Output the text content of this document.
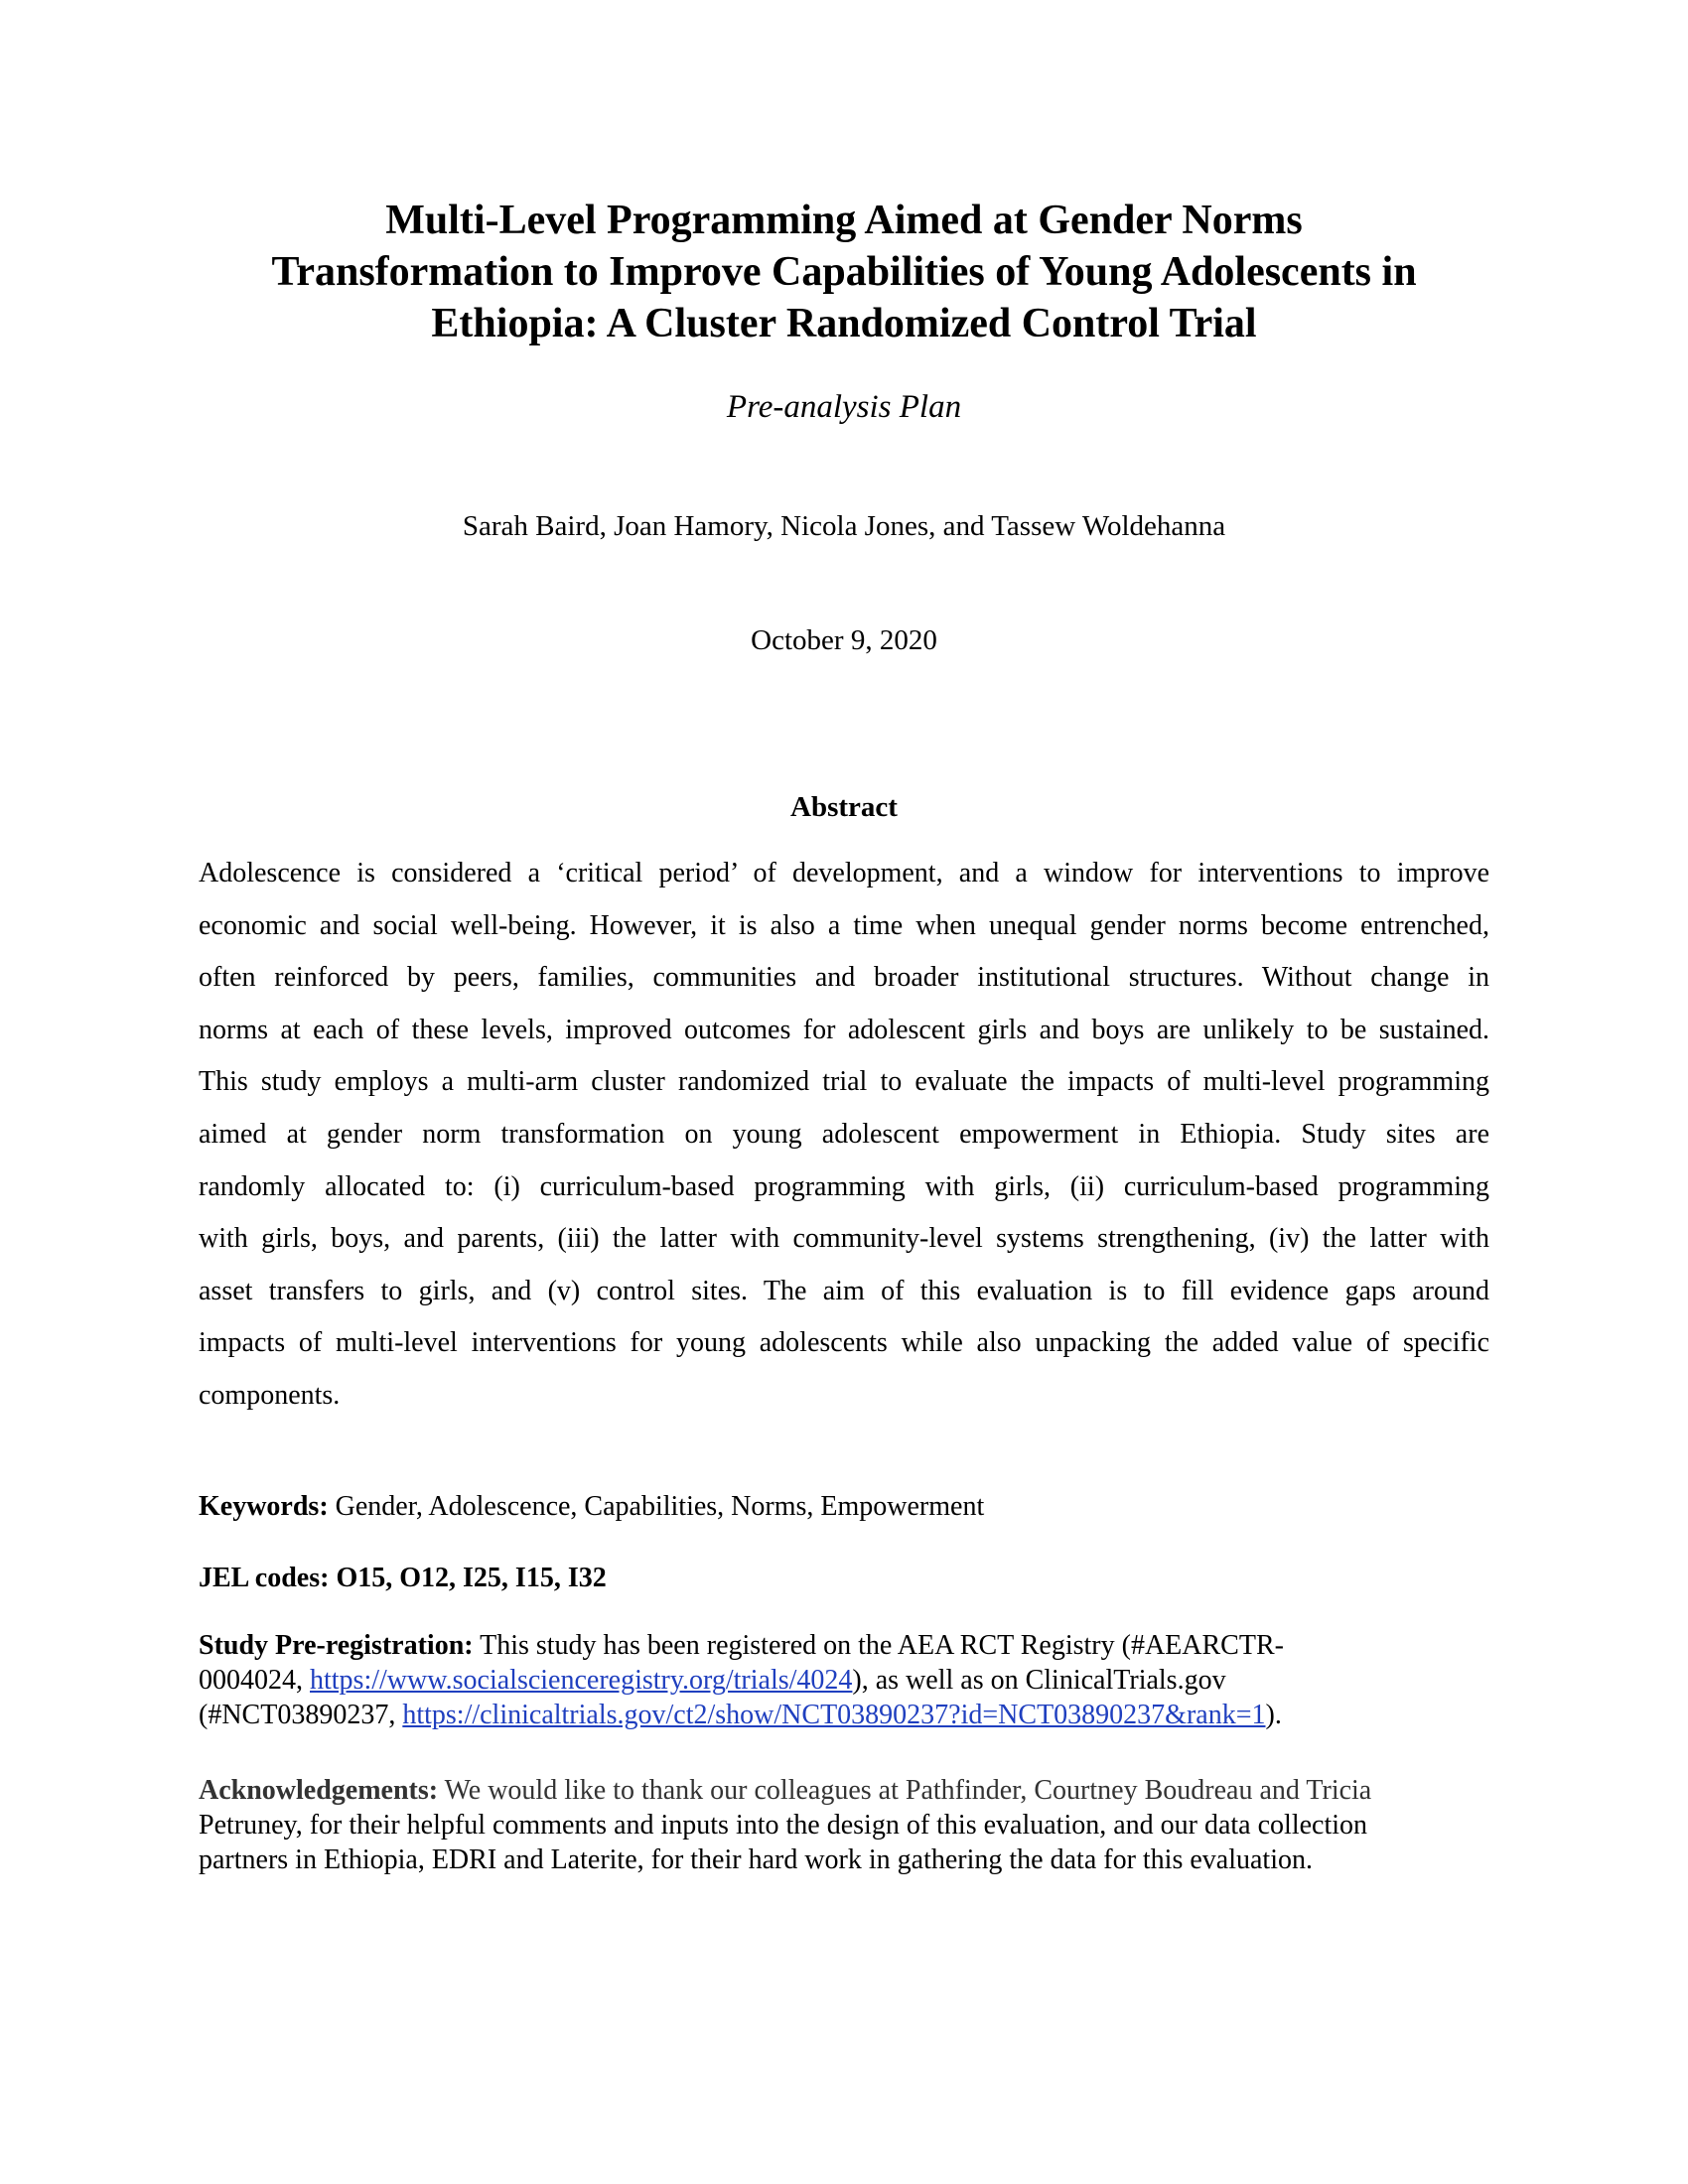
Multi-Level Programming Aimed at Gender Norms
Transformation to Improve Capabilities of Young Adolescents in
Ethiopia: A Cluster Randomized Control Trial
Pre-analysis Plan
Sarah Baird, Joan Hamory, Nicola Jones, and Tassew Woldehanna
October 9, 2020
Abstract
Adolescence is considered a ‘critical period’ of development, and a window for interventions to improve
economic and social well-being. However, it is also a time when unequal gender norms become entrenched,
often reinforced by peers, families, communities and broader institutional structures. Without change in
norms at each of these levels, improved outcomes for adolescent girls and boys are unlikely to be sustained.
This study employs a multi-arm cluster randomized trial to evaluate the impacts of multi-level programming
aimed at gender norm transformation on young adolescent empowerment in Ethiopia. Study sites are
randomly allocated to: (i) curriculum-based programming with girls, (ii) curriculum-based programming
with girls, boys, and parents, (iii) the latter with community-level systems strengthening, (iv) the latter with
asset transfers to girls, and (v) control sites. The aim of this evaluation is to fill evidence gaps around
impacts of multi-level interventions for young adolescents while also unpacking the added value of specific
components.
Keywords: Gender, Adolescence, Capabilities, Norms, Empowerment
JEL codes: O15, O12, I25, I15, I32
Study Pre-registration: This study has been registered on the AEA RCT Registry (#AEARCTR-
0004024, https://www.socialscienceregistry.org/trials/4024), as well as on ClinicalTrials.gov
(#NCT03890237, https://clinicaltrials.gov/ct2/show/NCT03890237?id=NCT03890237&rank=1).
Acknowledgements: We would like to thank our colleagues at Pathfinder, Courtney Boudreau and Tricia
Petruney, for their helpful comments and inputs into the design of this evaluation, and our data collection
partners in Ethiopia, EDRI and Laterite, for their hard work in gathering the data for this evaluation.
